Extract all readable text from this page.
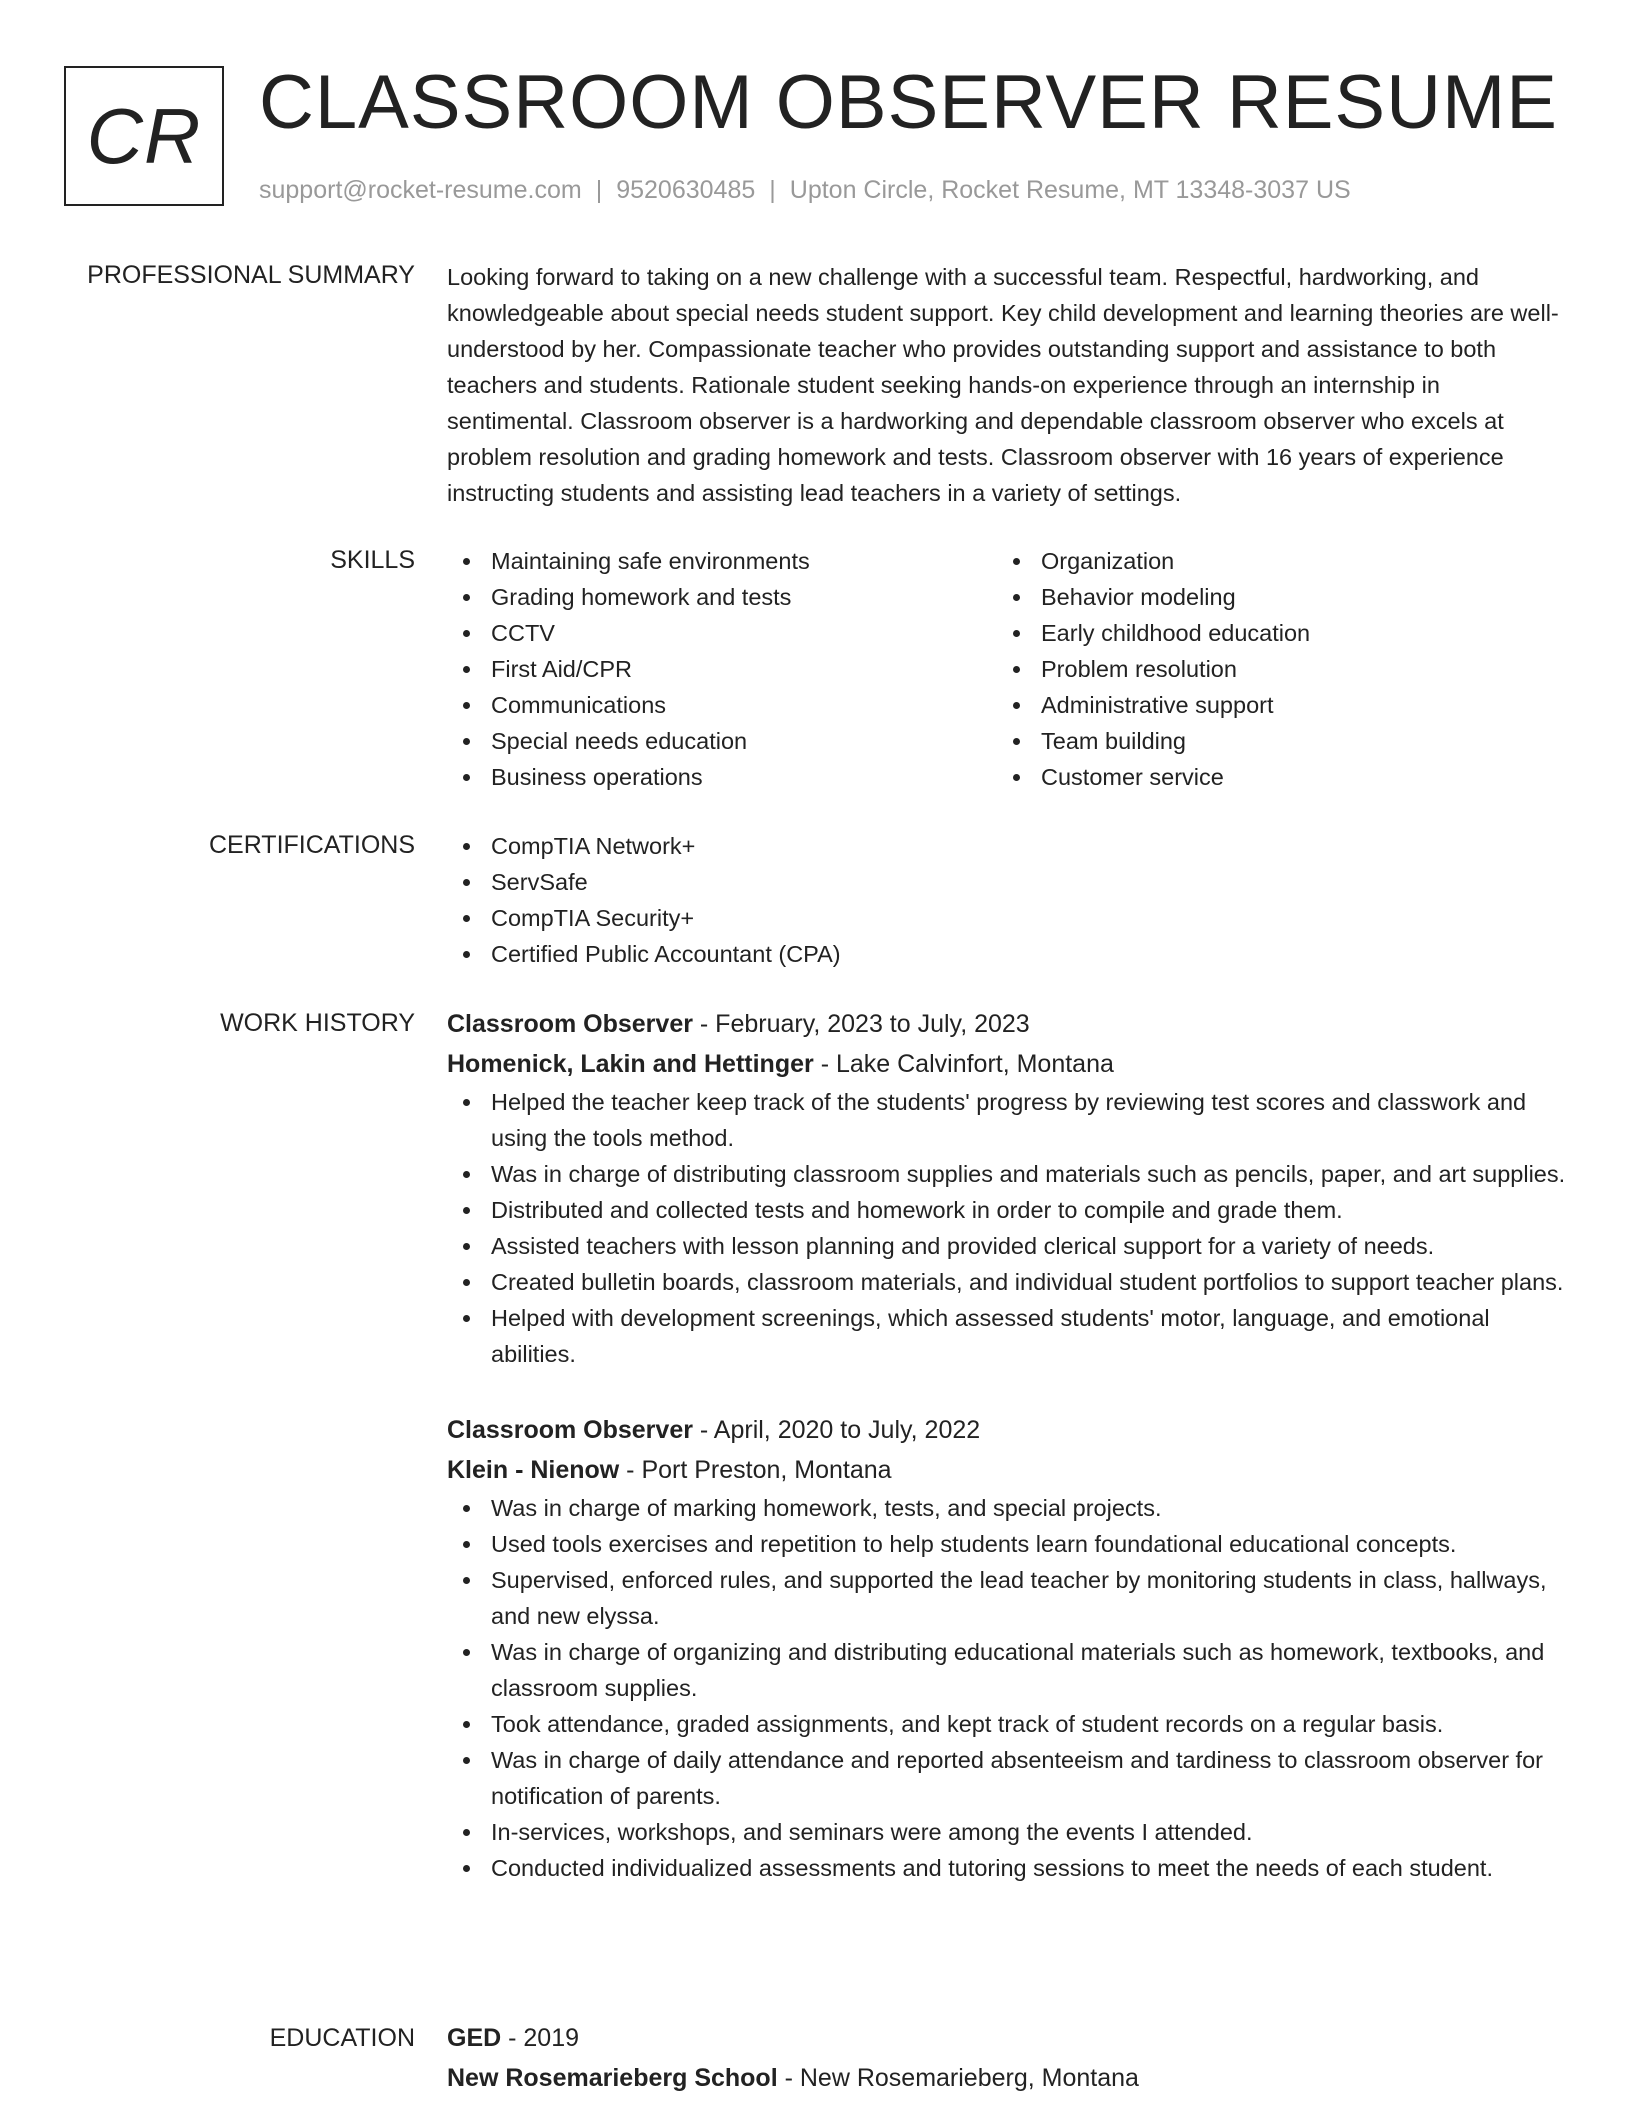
CR CLASSROOM OBSERVER RESUME
support@rocket-resume.com | 9520630485 | Upton Circle, Rocket Resume, MT 13348-3037 US
PROFESSIONAL SUMMARY Looking forward to taking on a new challenge with a successful team. Respectful, hardworking, and knowledgeable about special needs student support. Key child development and learning theories are well-understood by her. Compassionate teacher who provides outstanding support and assistance to both teachers and students. Rationale student seeking hands-on experience through an internship in sentimental. Classroom observer is a hardworking and dependable classroom observer who excels at problem resolution and grading homework and tests. Classroom observer with 16 years of experience instructing students and assisting lead teachers in a variety of settings.

SKILLS	Maintaining safe environments
Grading homework and tests
CCTV
First Aid/CPR
Communications
Special needs education
Business operations
Organization
Behavior modeling
Early childhood education
Problem resolution
Administrative support
Team building
Customer service
CERTIFICATIONS	CompTIA Network+
ServSafe
CompTIA Security+
Certified Public Accountant (CPA)
WORK HISTORY Classroom Observer - February, 2023 to July, 2023
Homenick, Lakin and Hettinger - Lake Calvinfort, Montana
Helped the teacher keep track of the students' progress by reviewing test scores and classwork and using the tools method.
Was in charge of distributing classroom supplies and materials such as pencils, paper, and art supplies.
Distributed and collected tests and homework in order to compile and grade them.
Assisted teachers with lesson planning and provided clerical support for a variety of needs.
Created bulletin boards, classroom materials, and individual student portfolios to support teacher plans.
Helped with development screenings, which assessed students' motor, language, and emotional abilities.
Classroom Observer - April, 2020 to July, 2022
Klein - Nienow - Port Preston, Montana
Was in charge of marking homework, tests, and special projects.
Used tools exercises and repetition to help students learn foundational educational concepts.
Supervised, enforced rules, and supported the lead teacher by monitoring students in class, hallways, and new elyssa.
Was in charge of organizing and distributing educational materials such as homework, textbooks, and classroom supplies.
Took attendance, graded assignments, and kept track of student records on a regular basis.
Was in charge of daily attendance and reported absenteeism and tardiness to classroom observer for notification of parents.
In-services, workshops, and seminars were among the events I attended.
Conducted individualized assessments and tutoring sessions to meet the needs of each student.
EDUCATION GED - 2019
New Rosemarieberg School - New Rosemarieberg, Montana
